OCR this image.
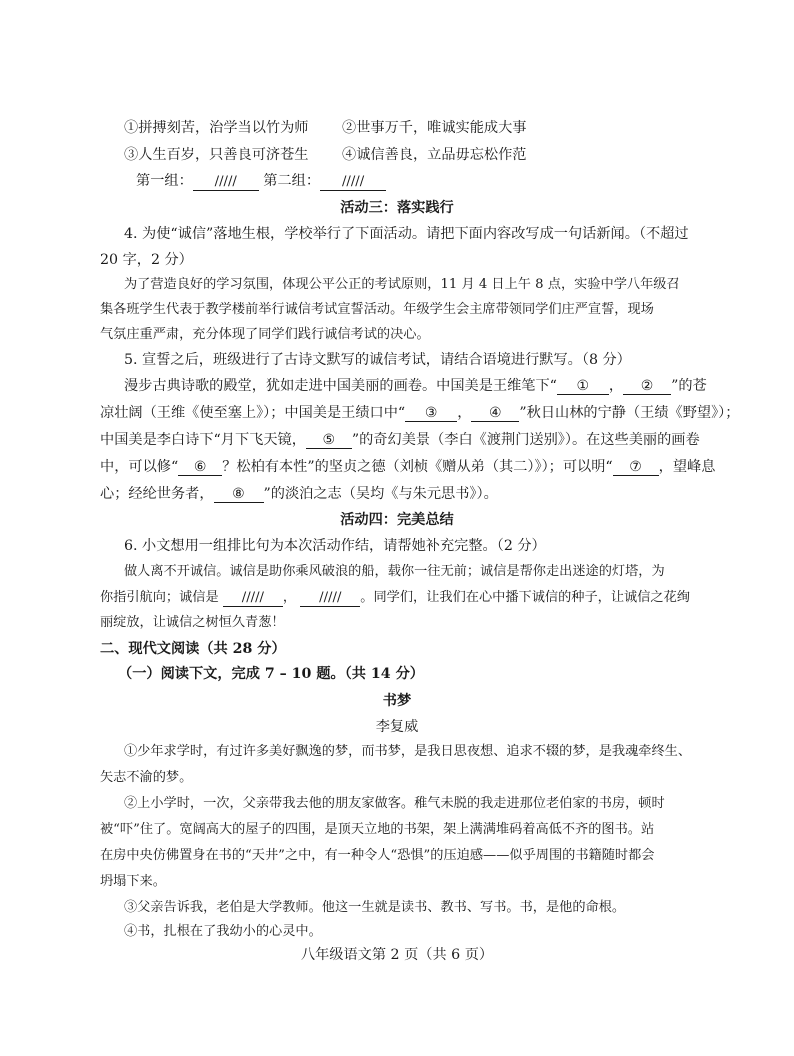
①拼搏刻苦，治学当以竹为师 ②世事万千，唯诚实能成大事
③人生百岁，只善良可济苍生 ④诚信善良，立品毋忘松作范
第一组： ///// 第二组： /////
活动三：落实践行
4. 为使“诚信”落地生根，学校举行了下面活动。请把下面内容改写成一句话新闻。（不超过
20 字，2 分）
为了营造良好的学习氛围，体现公平公正的考试原则，11 月 4 日上午 8 点，实验中学八年级召
集各班学生代表于教学楼前举行诚信考试宣誓活动。年级学生会主席带领同学们庄严宣誓，现场
气氛庄重严肃，充分体现了同学们践行诚信考试的决心。
5. 宣誓之后，班级进行了古诗文默写的诚信考试，请结合语境进行默写。（8 分）
漫步古典诗歌的殿堂，犹如走进中国美丽的画卷。中国美是王维笔下“ ① ， ② ”的苍
凉壮阔（王维《使至塞上》）；中国美是王绩口中“ ③ ， ④ ”秋日山林的宁静（王绩《野望》）；
中国美是李白诗下“月下飞天镜， ⑤ ”的奇幻美景（李白《渡荆门送别》）。在这些美丽的画卷
中，可以修“ ⑥ ？松柏有本性”的坚贞之德（刘桢《赠从弟（其二）》）；可以明“ ⑦ ，望峰息
心；经纶世务者， ⑧ ”的淡泊之志（吴均《与朱元思书》）。
活动四：完美总结
6. 小文想用一组排比句为本次活动作结，请帮她补充完整。（2 分）
做人离不开诚信。诚信是助你乘风破浪的船，载你一往无前；诚信是帮你走出迷途的灯塔，为
你指引航向；诚信是 ///// ， ///// 。同学们，让我们在心中播下诚信的种子，让诚信之花绚
丽绽放，让诚信之树恒久青葱！
二、现代文阅读（共 28 分）
（一）阅读下文，完成 7 – 10 题。（共 14 分）
书梦
李复威
①少年求学时，有过许多美好飘逸的梦，而书梦，是我日思夜想、追求不辍的梦，是我魂牵终生、
矢志不渝的梦。
②上小学时，一次，父亲带我去他的朋友家做客。稚气未脱的我走进那位老伯家的书房，顿时
被“吓”住了。宽阔高大的屋子的四围，是顶天立地的书架，架上满满堆码着高低不齐的图书。站
在房中央仿佛置身在书的“天井”之中，有一种令人“恐惧”的压迫感——似乎周围的书籍随时都会
坍塌下来。
③父亲告诉我，老伯是大学教师。他这一生就是读书、教书、写书。书，是他的命根。
④书，扎根在了我幼小的心灵中。
八年级语文第 2 页（共 6 页）
